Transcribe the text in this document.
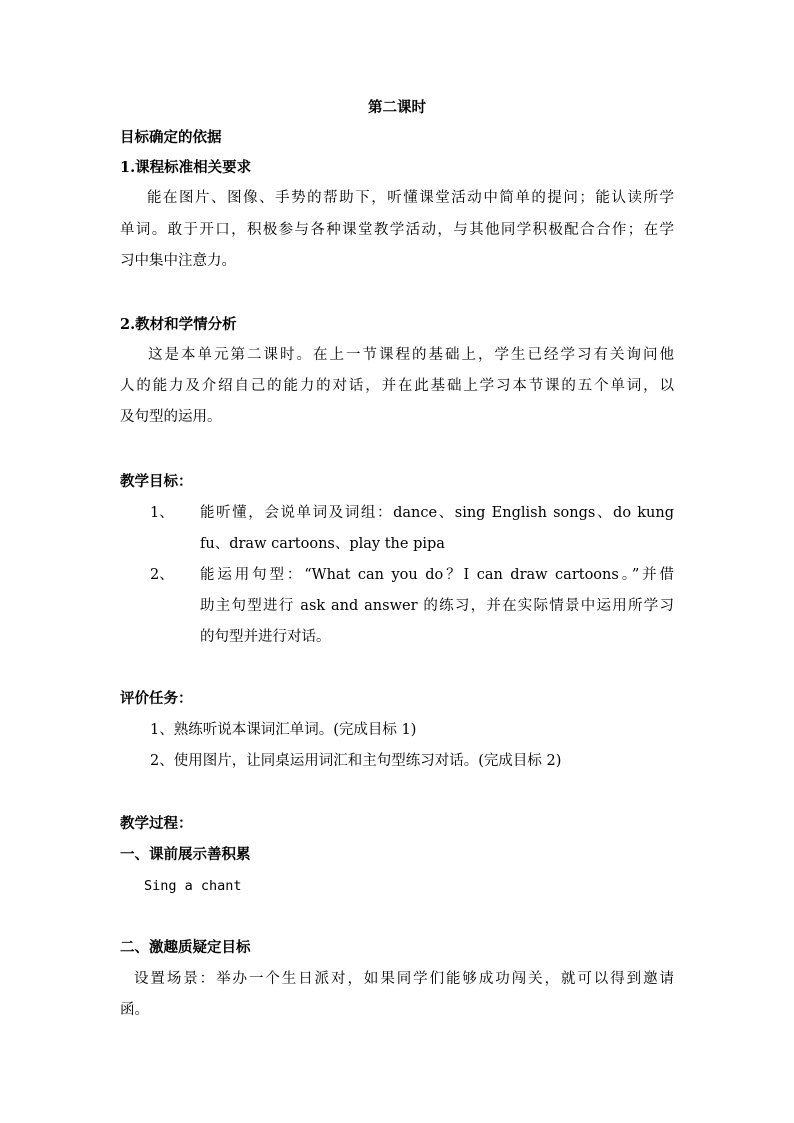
第二课时
目标确定的依据
1.课程标准相关要求
能在图片、图像、手势的帮助下，听懂课堂活动中简单的提问；能认读所学
单词。敢于开口，积极参与各种课堂教学活动，与其他同学积极配合合作；在学
习中集中注意力。
2.教材和学情分析
这是本单元第二课时。在上一节课程的基础上，学生已经学习有关询问他
人的能力及介绍自己的能力的对话，并在此基础上学习本节课的五个单词，以
及句型的运用。
教学目标：
1、 能听懂，会说单词及词组：dance、sing English songs、do kung
fu、draw cartoons、play the pipa
2、 能运用句型：“What can you do？I can draw cartoons。”并借
助主句型进行 ask and answer 的练习，并在实际情景中运用所学习
的句型并进行对话。
评价任务：
1、熟练听说本课词汇单词。(完成目标 1)
2、使用图片，让同桌运用词汇和主句型练习对话。(完成目标 2)
教学过程：
一、课前展示善积累
Sing a chant
二、激趣质疑定目标
设置场景：举办一个生日派对，如果同学们能够成功闯关，就可以得到邀请
函。
